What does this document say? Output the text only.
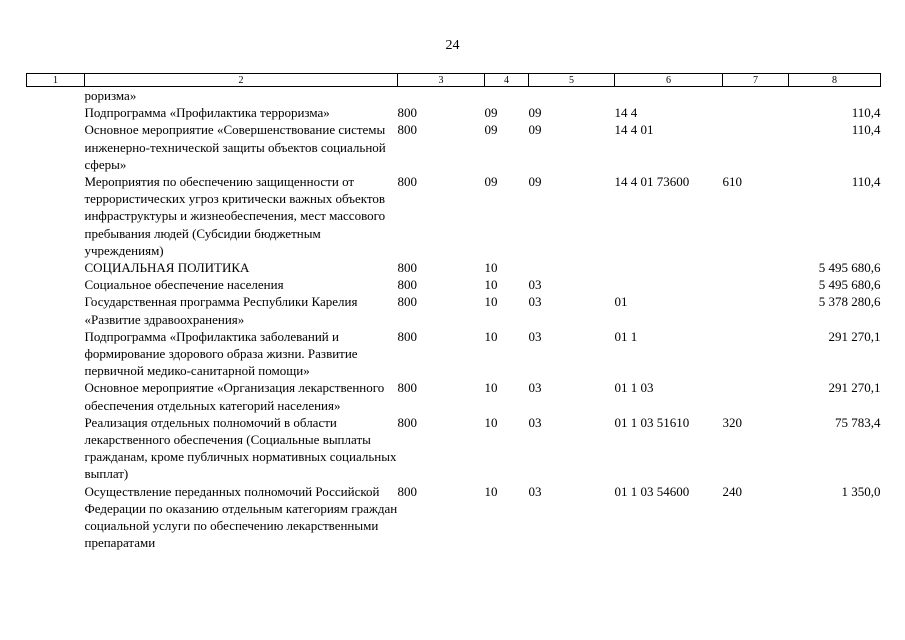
24
1	2	3	4	5	6	7	8
	роризма»						
	Подпрограмма «Профилактика терроризма»	800	09	09	14 4		110,4
	Основное мероприятие «Совершенствование системы инженерно-технической защиты объектов социальной сферы»	800	09	09	14 4 01		110,4
	Мероприятия по обеспечению защищенности от террористических угроз критически важных объектов инфраструктуры и жизнеобеспечения, мест массового пребывания людей (Субсидии бюджетным учреждениям)	800	09	09	14 4 01 73600	610	110,4
	СОЦИАЛЬНАЯ ПОЛИТИКА	800	10				5 495 680,6
	Социальное обеспечение населения	800	10	03			5 495 680,6
	Государственная программа Республики Карелия «Развитие здравоохранения»	800	10	03	01		5 378 280,6
	Подпрограмма «Профилактика заболеваний и формирование здорового образа жизни. Развитие первичной медико-санитарной помощи»	800	10	03	01 1		291 270,1
	Основное мероприятие «Организация лекарственного обеспечения отдельных категорий населения»	800	10	03	01 1 03		291 270,1
	Реализация отдельных полномочий в области лекарственного обеспечения (Социальные выплаты гражданам, кроме публичных нормативных социальных выплат)	800	10	03	01 1 03 51610	320	75 783,4
	Осуществление переданных полномочий Российской Федерации по оказанию отдельным категориям граждан социальной услуги по обеспечению лекарственными препаратами	800	10	03	01 1 03 54600	240	1 350,0
